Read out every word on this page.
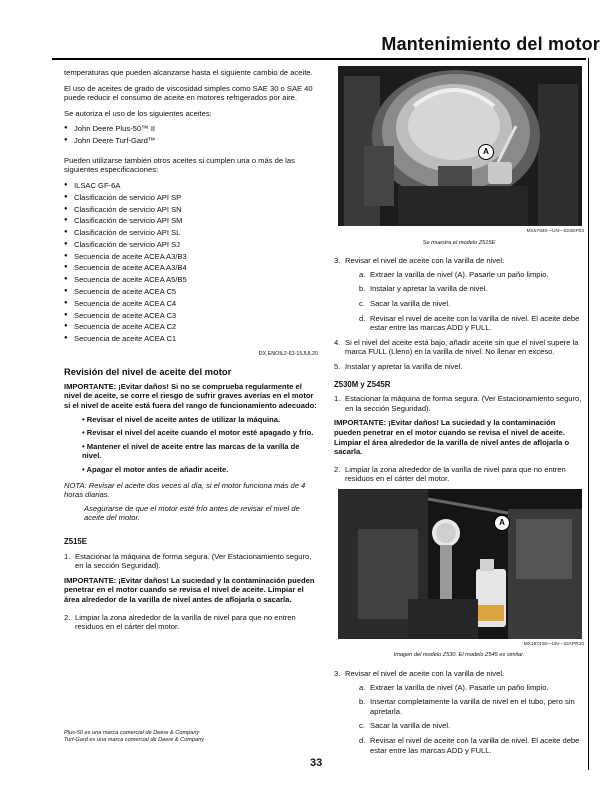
Mantenimiento del motor

temperaturas que pueden alcanzarse hasta el siguiente cambio de aceite.

El uso de aceites de grado de viscosidad simples como SAE 30 o SAE 40 puede reducir el consumo de aceite en motores refrigerados por aire.

Se autoriza el uso de los siguientes aceites:

● John Deere Plus-50™ II
● John Deere Turf-Gard™

Pueden utilizarse también otros aceites si cumplen una o más de las siguientes especificaciones:

● ILSAC GF-6A
● Clasificación de servicio API SP
● Clasificación de servicio API SN
● Clasificación de servicio API SM
● Clasificación de servicio API SL
● Clasificación de servicio API SJ
● Secuencia de aceite ACEA A3/B3
● Secuencia de aceite ACEA A3/B4
● Secuencia de aceite ACEA A5/B5
● Secuencia de aceite ACEA C5
● Secuencia de aceite ACEA C4
● Secuencia de aceite ACEA C3
● Secuencia de aceite ACEA C2
● Secuencia de aceite ACEA C1
DX,ENOIL2-63-15JUL20
Revisión del nivel de aceite del motor
IMPORTANTE: ¡Evitar daños! Si no se comprueba regularmente el nivel de aceite, se corre el riesgo de sufrir graves averías en el motor si el nivel de aceite está fuera del rango de funcionamiento adecuado:
• Revisar el nivel de aceite antes de utilizar la máquina.
• Revisar el nivel del aceite cuando el motor esté apagado y frío.
• Mantener el nivel de aceite entre las marcas de la varilla de nivel.
• Apagar el motor antes de añadir aceite.
NOTA: Revisar el aceite dos veces al día, si el motor funciona más de 4 horas diarias.
Asegurarse de que el motor esté frío antes de revisar el nivel de aceite del motor.
Z515E
1. Estacionar la máquina de forma segura. (Ver Estacionamiento seguro, en la sección Seguridad).
IMPORTANTE: ¡Evitar daños! La suciedad y la contaminación pueden penetrar en el motor cuando se revisa el nivel de aceite. Limpiar el área alrededor de la varilla de nivel antes de aflojarla o sacarla.
2. Limpiar la zona alrededor de la varilla de nivel para que no entren residuos en el cárter del motor.
Plus-50 es una marca comercial de Deere & Company
Turf-Gard es una marca comercial de Deere & Company
A
MX57840—UN—02SEP03
Se muestra el modelo Z515E
3. Revisar el nivel de aceite con la varilla de nivel:
a. Extraer la varilla de nivel (A). Pasarle un paño limpio.
b. Instalar y apretar la varilla de nivel.
c. Sacar la varilla de nivel.
d. Revisar el nivel de aceite con la varilla de nivel. El aceite debe estar entre las marcas ADD y FULL.
4. Si el nivel del aceite está bajo, añadir aceite sin que el nivel supere la marca FULL (Lleno) en la varilla de nivel. No llenar en exceso.
5. Instalar y apretar la varilla de nivel.
Z530M y Z545R
1. Estacionar la máquina de forma segura. (Ver Estacionamiento seguro, en la sección Seguridad).
IMPORTANTE: ¡Evitar daños! La suciedad y la contaminación pueden penetrar en el motor cuando se revisa el nivel de aceite. Limpiar el área alrededor de la varilla de nivel antes de aflojarla o sacarla.
2. Limpiar la zona alrededor de la varilla de nivel para que no entren residuos en el cárter del motor.
A
MX187426—UN—22APR20
Imagen del modelo Z530. El modelo Z545 es similar.
3. Revisar el nivel de aceite con la varilla de nivel.
a. Extraer la varilla de nivel (A). Pasarle un paño limpio.
b. Insertar completamente la varilla de nivel en el tubo, pero sin apretarla.
c. Sacar la varilla de nivel.
d. Revisar el nivel de aceite con la varilla de nivel. El aceite debe estar entre las marcas ADD y FULL.
33
